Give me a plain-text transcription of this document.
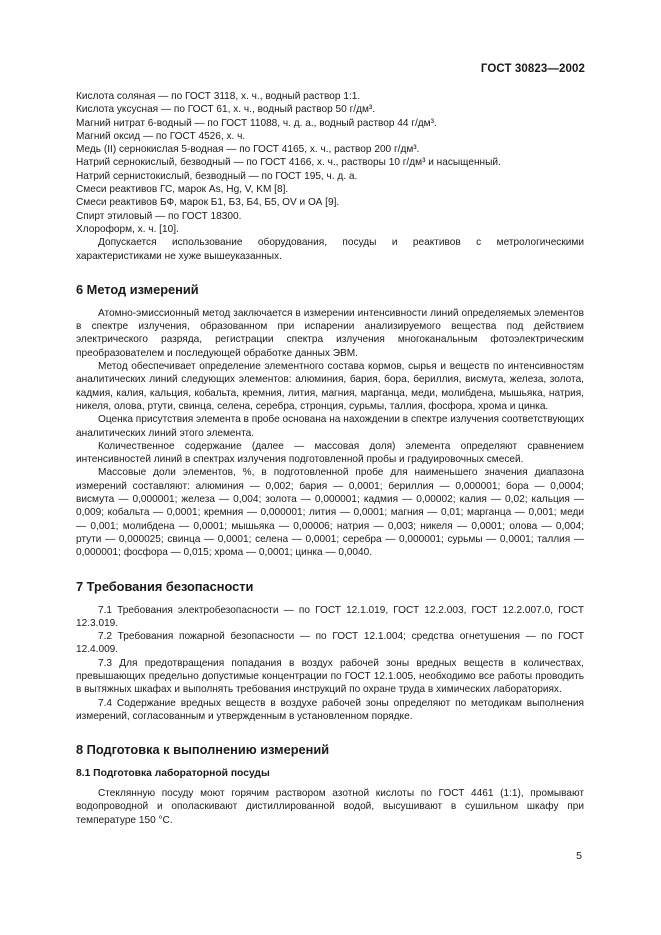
ГОСТ 30823—2002

Кислота соляная — по ГОСТ 3118, х. ч., водный раствор 1:1.

Кислота уксусная — по ГОСТ 61, х. ч., водный раствор 50 г/дм³.

Магний нитрат 6-водный — по ГОСТ 11088, ч. д. а., водный раствор 44 г/дм³.

Магний оксид — по ГОСТ 4526, х. ч.

Медь (II) сернокислая 5-водная — по ГОСТ 4165, х. ч., раствор 200 г/дм³.

Натрий сернокислый, безводный — по ГОСТ 4166, х. ч., растворы 10 г/дм³ и насыщенный.

Натрий сернистокислый, безводный — по ГОСТ 195, ч. д. а.

Смеси реактивов ГС, марок As, Hg, V, KM [8].

Смеси реактивов БФ, марок Б1, Б3, Б4, Б5, OV и ОА [9].

Спирт этиловый — по ГОСТ 18300.

Хлороформ, х. ч. [10].

Допускается использование оборудования, посуды и реактивов с метрологическими характеристиками не хуже вышеуказанных.

6 Метод измерений

Атомно-эмиссионный метод заключается в измерении интенсивности линий определяемых элементов в спектре излучения, образованном при испарении анализируемого вещества под действием электрического разряда, регистрации спектра излучения многоканальным фотоэлектрическим преобразователем и последующей обработке данных ЭВМ.

Метод обеспечивает определение элементного состава кормов, сырья и веществ по интенсивностям аналитических линий следующих элементов: алюминия, бария, бора, бериллия, висмута, железа, золота, кадмия, калия, кальция, кобальта, кремния, лития, магния, марганца, меди, молибдена, мышьяка, натрия, никеля, олова, ртути, свинца, селена, серебра, стронция, сурьмы, таллия, фосфора, хрома и цинка.

Оценка присутствия элемента в пробе основана на нахождении в спектре излучения соответствующих аналитических линий этого элемента.

Количественное содержание (далее — массовая доля) элемента определяют сравнением интенсивностей линий в спектрах излучения подготовленной пробы и градуировочных смесей.

Массовые доли элементов, %, в подготовленной пробе для наименьшего значения диапазона измерений составляют: алюминия — 0,002; бария — 0,0001; бериллия — 0,000001; бора — 0,0004; висмута — 0,000001; железа — 0,004; золота — 0,000001; кадмия — 0,00002; калия — 0,02; кальция — 0,009; кобальта — 0,0001; кремния — 0,000001; лития — 0,0001; магния — 0,01; марганца — 0,001; меди — 0,001; молибдена — 0,0001; мышьяка — 0,00006; натрия — 0,003; никеля — 0,0001; олова — 0,004; ртути — 0,000025; свинца — 0,0001; селена — 0,0001; серебра — 0,000001; сурьмы — 0,0001; таллия — 0,000001; фосфора — 0,015; хрома — 0,0001; цинка — 0,0040.

7 Требования безопасности

7.1 Требования электробезопасности — по ГОСТ 12.1.019, ГОСТ 12.2.003, ГОСТ 12.2.007.0, ГОСТ 12.3.019.

7.2 Требования пожарной безопасности — по ГОСТ 12.1.004; средства огнетушения — по ГОСТ 12.4.009.

7.3 Для предотвращения попадания в воздух рабочей зоны вредных веществ в количествах, превышающих предельно допустимые концентрации по ГОСТ 12.1.005, необходимо все работы проводить в вытяжных шкафах и выполнять требования инструкций по охране труда в химических лабораториях.

7.4 Содержание вредных веществ в воздухе рабочей зоны определяют по методикам выполнения измерений, согласованным и утвержденным в установленном порядке.

8 Подготовка к выполнению измерений
8.1 Подготовка лабораторной посуды

Стеклянную посуду моют горячим раствором азотной кислоты по ГОСТ 4461 (1:1), промывают водопроводной и ополаскивают дистиллированной водой, высушивают в сушильном шкафу при температуре 150 °С.

5
